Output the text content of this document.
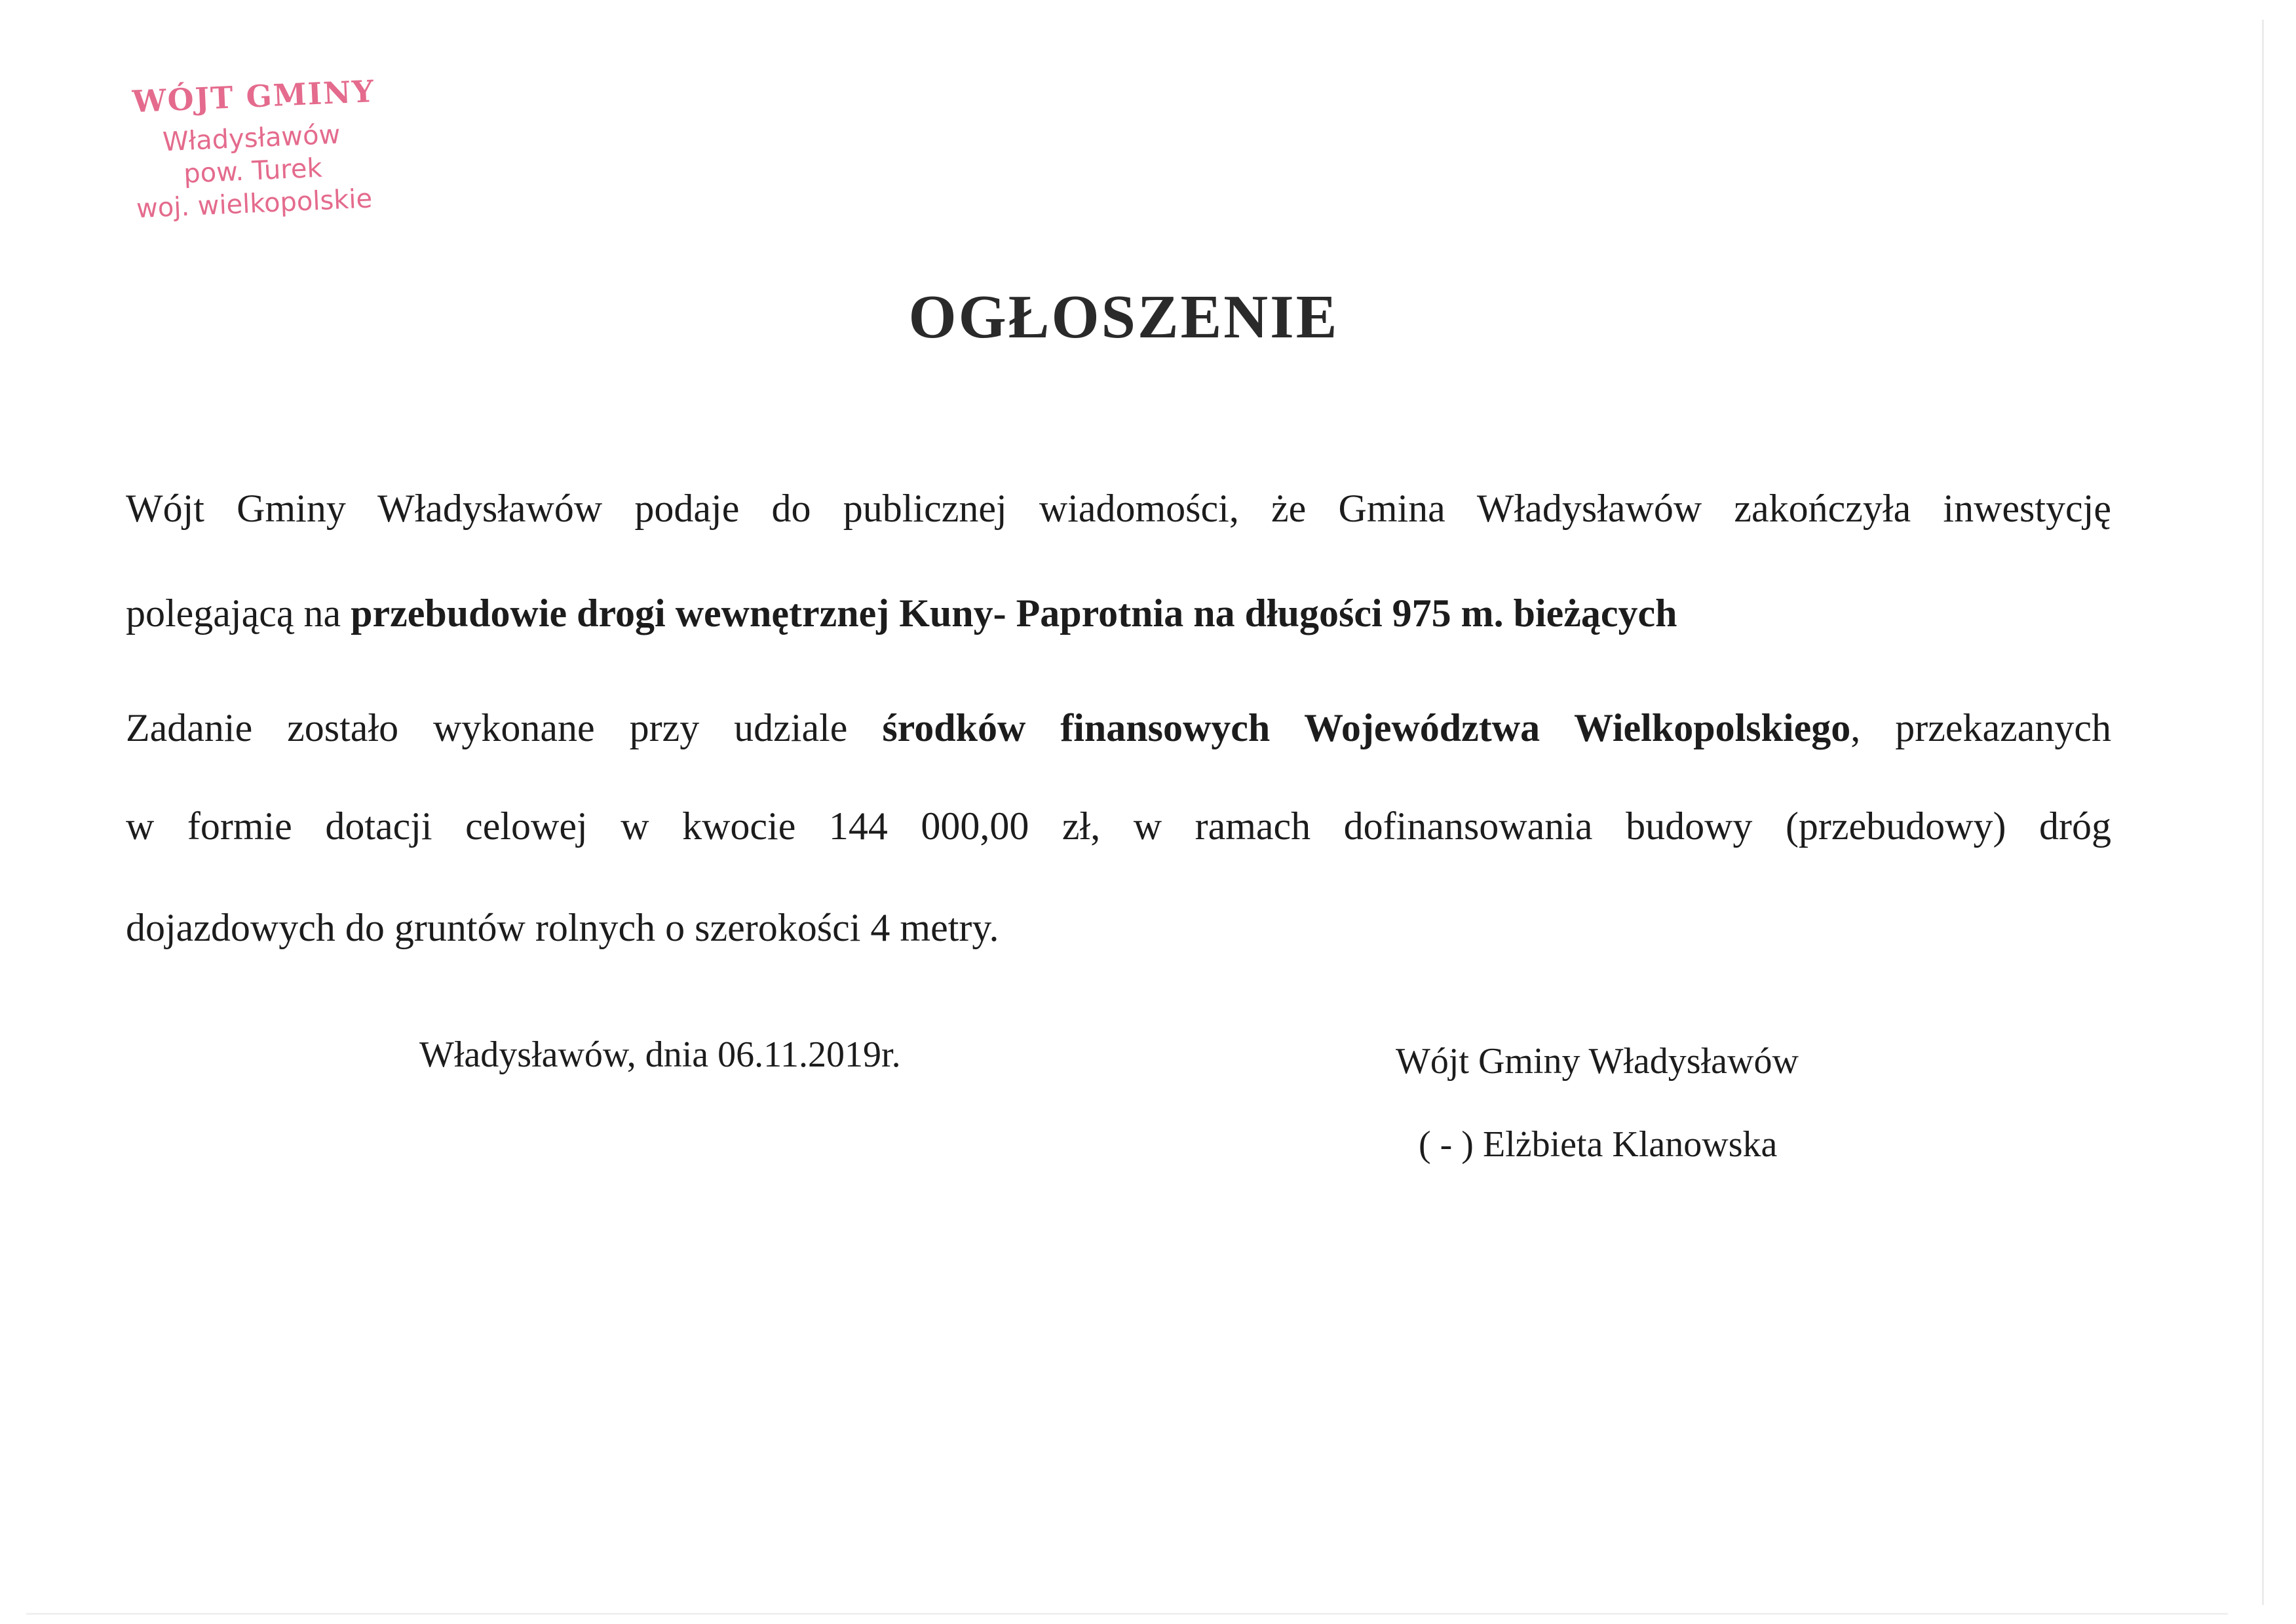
WÓJT GMINY
Władysławów
pow. Turek
woj. wielkopolskie
OGŁOSZENIE
Wójt Gminy Władysławów podaje do publicznej wiadomości, że Gmina Władysławów zakończyła inwestycję
polegającą na przebudowie drogi wewnętrznej Kuny- Paprotnia na długości 975 m. bieżących
Zadanie zostało wykonane przy udziale środków finansowych Województwa Wielkopolskiego, przekazanych
w formie dotacji celowej w kwocie 144 000,00 zł, w ramach dofinansowania budowy (przebudowy) dróg
dojazdowych do gruntów rolnych o szerokości 4 metry.
Władysławów, dnia 06.11.2019r.	Wójt Gminy Władysławów
( - ) Elżbieta Klanowska
